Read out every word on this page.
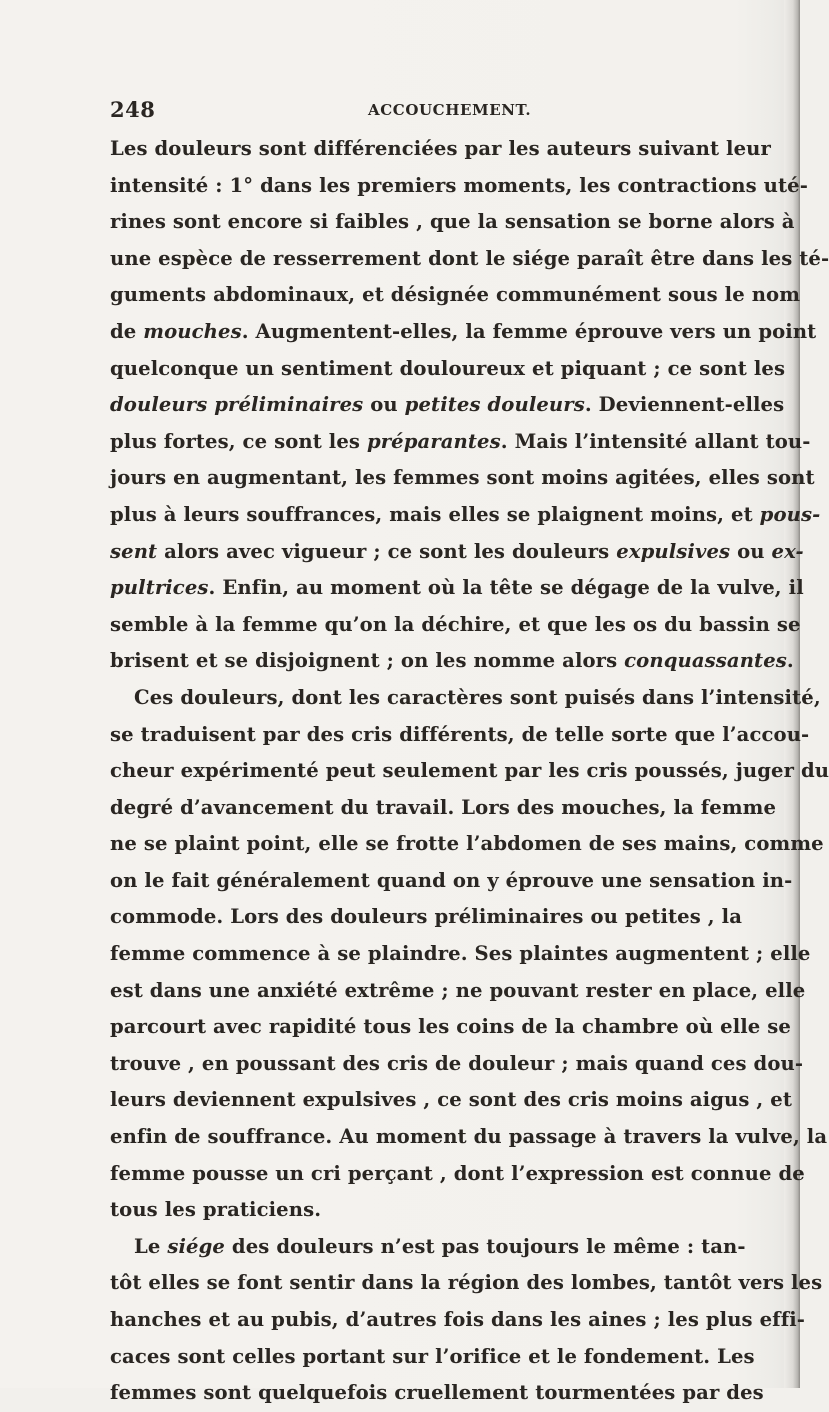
248	ACCOUCHEMENT.
Les douleurs sont différenciées par les auteurs suivant leur
intensité : 1° dans les premiers moments, les contractions uté-
rines sont encore si faibles , que la sensation se borne alors à
une espèce de resserrement dont le siége paraît être dans les té-
guments abdominaux, et désignée communément sous le nom
de mouches. Augmentent-elles, la femme éprouve vers un point
quelconque un sentiment douloureux et piquant ; ce sont les
douleurs préliminaires ou petites douleurs. Deviennent-elles
plus fortes, ce sont les préparantes. Mais l’intensité allant tou-
jours en augmentant, les femmes sont moins agitées, elles sont
plus à leurs souffrances, mais elles se plaignent moins, et pous-
sent alors avec vigueur ; ce sont les douleurs expulsives ou ex-
pultrices. Enfin, au moment où la tête se dégage de la vulve, il
semble à la femme qu’on la déchire, et que les os du bassin se
brisent et se disjoignent ; on les nomme alors conquassantes.
Ces douleurs, dont les caractères sont puisés dans l’intensité,
se traduisent par des cris différents, de telle sorte que l’accou-
cheur expérimenté peut seulement par les cris poussés, juger du
degré d’avancement du travail. Lors des mouches, la femme
ne se plaint point, elle se frotte l’abdomen de ses mains, comme
on le fait généralement quand on y éprouve une sensation in-
commode. Lors des douleurs préliminaires ou petites , la
femme commence à se plaindre. Ses plaintes augmentent ; elle
est dans une anxiété extrême ; ne pouvant rester en place, elle
parcourt avec rapidité tous les coins de la chambre où elle se
trouve , en poussant des cris de douleur ; mais quand ces dou-
leurs deviennent expulsives , ce sont des cris moins aigus , et
enfin de souffrance. Au moment du passage à travers la vulve, la
femme pousse un cri perçant , dont l’expression est connue de
tous les praticiens.
Le siége des douleurs n’est pas toujours le même : tan-
tôt elles se font sentir dans la région des lombes, tantôt vers les
hanches et au pubis, d’autres fois dans les aines ; les plus effi-
caces sont celles portant sur l’orifice et le fondement. Les
femmes sont quelquefois cruellement tourmentées par des
